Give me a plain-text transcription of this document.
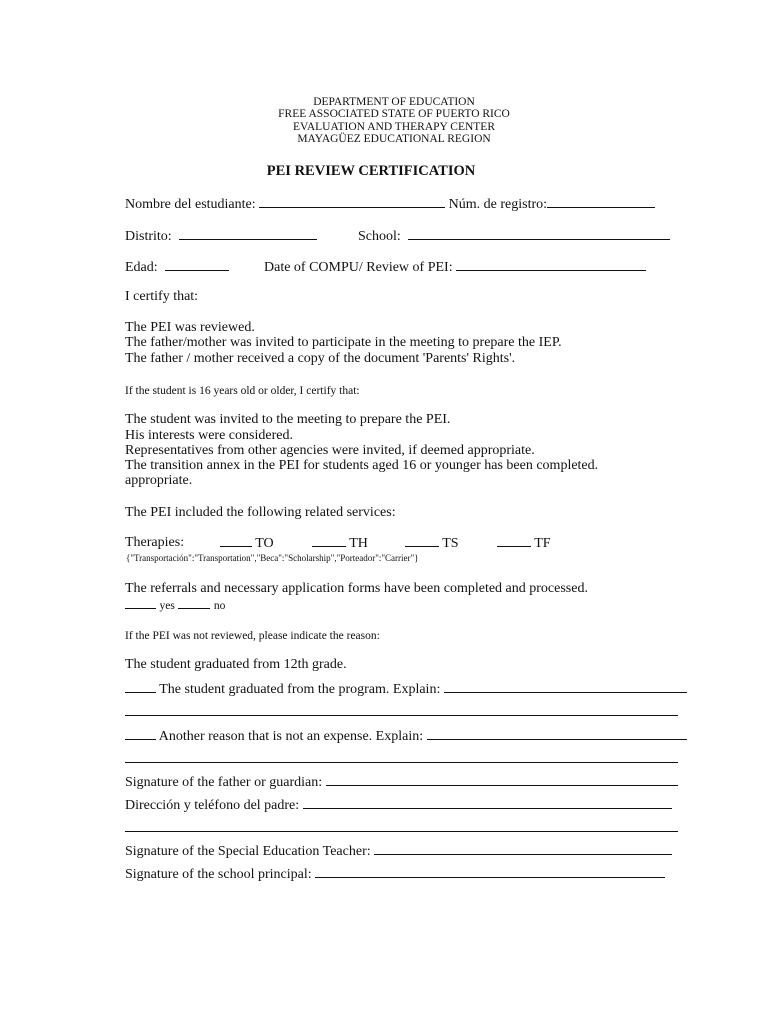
DEPARTMENT OF EDUCATION
FREE ASSOCIATED STATE OF PUERTO RICO
EVALUATION AND THERAPY CENTER
MAYAGÜEZ EDUCATIONAL REGION
PEI REVIEW CERTIFICATION
Nombre del estudiante:	Núm. de registro:
Distrito:	School:
Edad:	Date of COMPU/ Review of PEI:
I certify that:
The PEI was reviewed.
The father/mother was invited to participate in the meeting to prepare the IEP.
The father / mother received a copy of the document 'Parents' Rights'.
If the student is 16 years old or older, I certify that:
The student was invited to the meeting to prepare the PEI.
His interests were considered.
Representatives from other agencies were invited, if deemed appropriate.
The transition annex in the PEI for students aged 16 or younger has been completed.
appropriate.
The PEI included the following related services:
Therapies:	TO	TH	TS	TF
{"Transportación":"Transportation","Beca":"Scholarship","Porteador":"Carrier"}
The referrals and necessary application forms have been completed and processed.
yes	no
If the PEI was not reviewed, please indicate the reason:
The student graduated from 12th grade.
The student graduated from the program. Explain:
Another reason that is not an expense. Explain:
Signature of the father or guardian:
Dirección y teléfono del padre:
Signature of the Special Education Teacher:
Signature of the school principal:
